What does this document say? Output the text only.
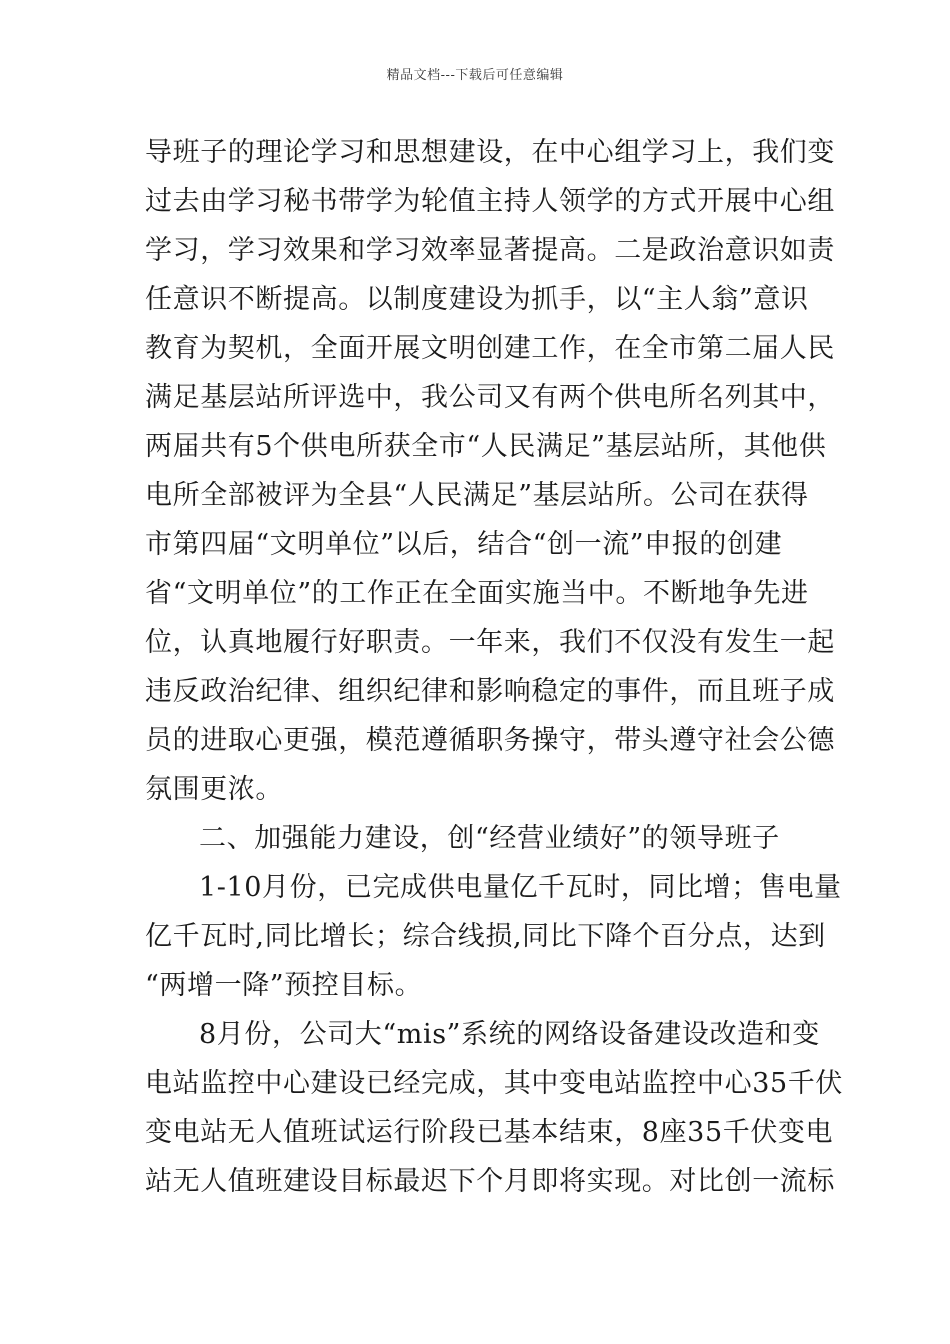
精品文档---下载后可任意编辑
导班子的理论学习和思想建设，在中心组学习上，我们变
过去由学习秘书带学为轮值主持人领学的方式开展中心组
学习，学习效果和学习效率显著提高。二是政治意识如责
任意识不断提高。以制度建设为抓手，以“主人翁”意识
教育为契机，全面开展文明创建工作，在全市第二届人民
满足基层站所评选中，我公司又有两个供电所名列其中，
两届共有5个供电所获全市“人民满足”基层站所，其他供
电所全部被评为全县“人民满足”基层站所。公司在获得
市第四届“文明单位”以后，结合“创一流”申报的创建
省“文明单位”的工作正在全面实施当中。不断地争先进
位，认真地履行好职责。一年来，我们不仅没有发生一起
违反政治纪律、组织纪律和影响稳定的事件，而且班子成
员的进取心更强，模范遵循职务操守，带头遵守社会公德
氛围更浓。
二、加强能力建设，创“经营业绩好”的领导班子
1-10月份，已完成供电量亿千瓦时，同比增；售电量
亿千瓦时,同比增长；综合线损,同比下降个百分点，达到
“两增一降”预控目标。
8月份，公司大“mis”系统的网络设备建设改造和变
电站监控中心建设已经完成，其中变电站监控中心35千伏
变电站无人值班试运行阶段已基本结束，8座35千伏变电
站无人值班建设目标最迟下个月即将实现。对比创一流标
